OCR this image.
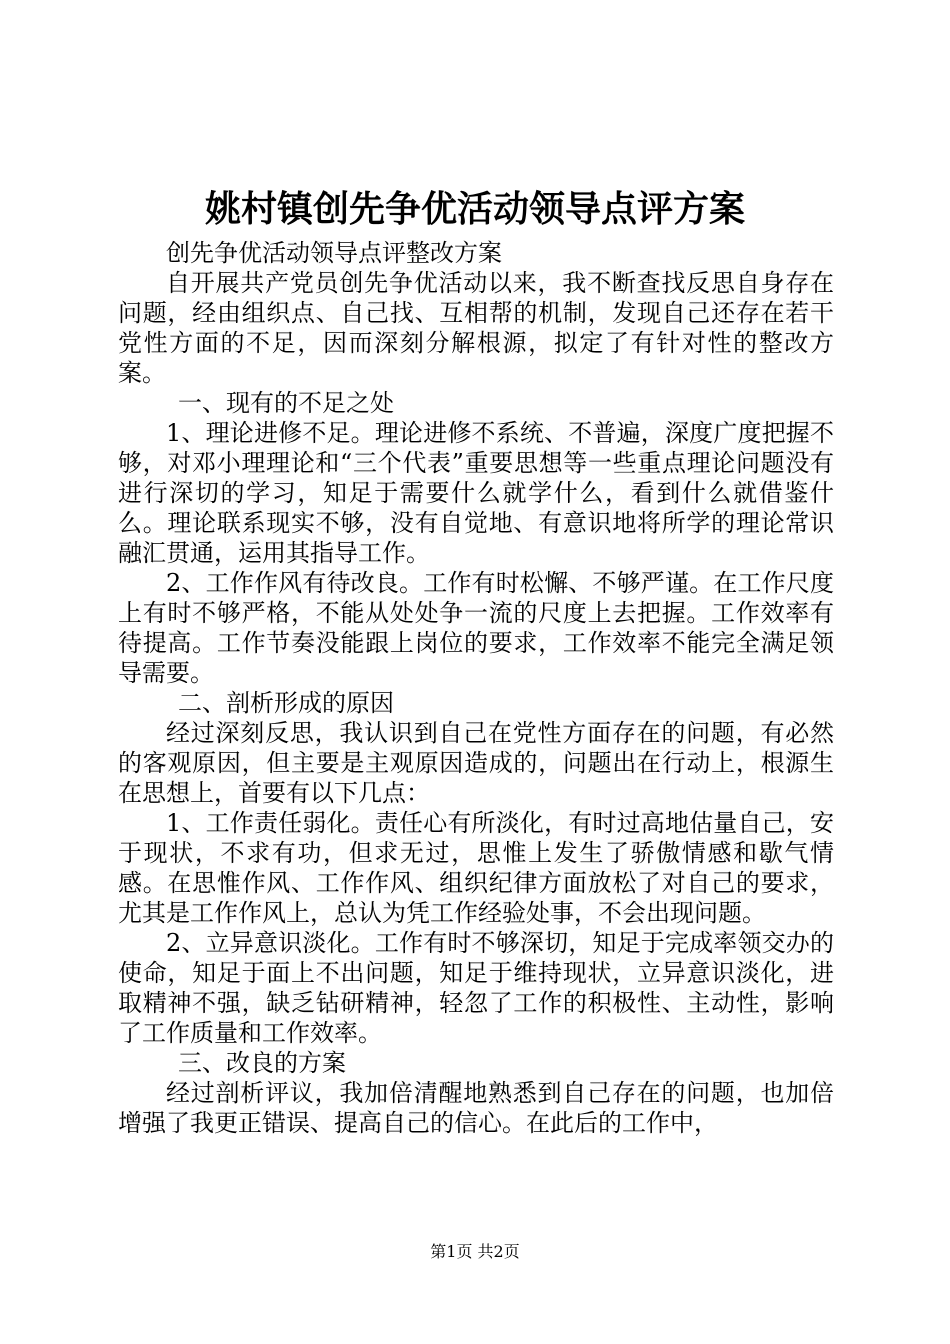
姚村镇创先争优活动领导点评方案

创先争优活动领导点评整改方案

自开展共产党员创先争优活动以来，我不断查找反思自身存在问题，经由组织点、自己找、互相帮的机制，发现自己还存在若干党性方面的不足，因而深刻分解根源，拟定了有针对性的整改方案。

一、现有的不足之处

1、理论进修不足。理论进修不系统、不普遍，深度广度把握不够，对邓小理理论和“三个代表”重要思想等一些重点理论问题没有进行深切的学习，知足于需要什么就学什么，看到什么就借鉴什么。理论联系现实不够，没有自觉地、有意识地将所学的理论常识融汇贯通，运用其指导工作。

2、工作作风有待改良。工作有时松懈、不够严谨。在工作尺度上有时不够严格，不能从处处争一流的尺度上去把握。工作效率有待提高。工作节奏没能跟上岗位的要求，工作效率不能完全满足领导需要。

二、剖析形成的原因

经过深刻反思，我认识到自己在党性方面存在的问题，有必然的客观原因，但主要是主观原因造成的，问题出在行动上，根源生在思想上，首要有以下几点：

1、工作责任弱化。责任心有所淡化，有时过高地估量自己，安于现状，不求有功，但求无过，思惟上发生了骄傲情感和歇气情感。在思惟作风、工作作风、组织纪律方面放松了对自己的要求，尤其是工作作风上，总认为凭工作经验处事，不会出现问题。

2、立异意识淡化。工作有时不够深切，知足于完成率领交办的使命，知足于面上不出问题，知足于维持现状，立异意识淡化，进取精神不强，缺乏钻研精神，轻忽了工作的积极性、主动性，影响了工作质量和工作效率。

三、改良的方案

经过剖析评议，我加倍清醒地熟悉到自己存在的问题，也加倍增强了我更正错误、提高自己的信心。在此后的工作中，

第1页 共2页
